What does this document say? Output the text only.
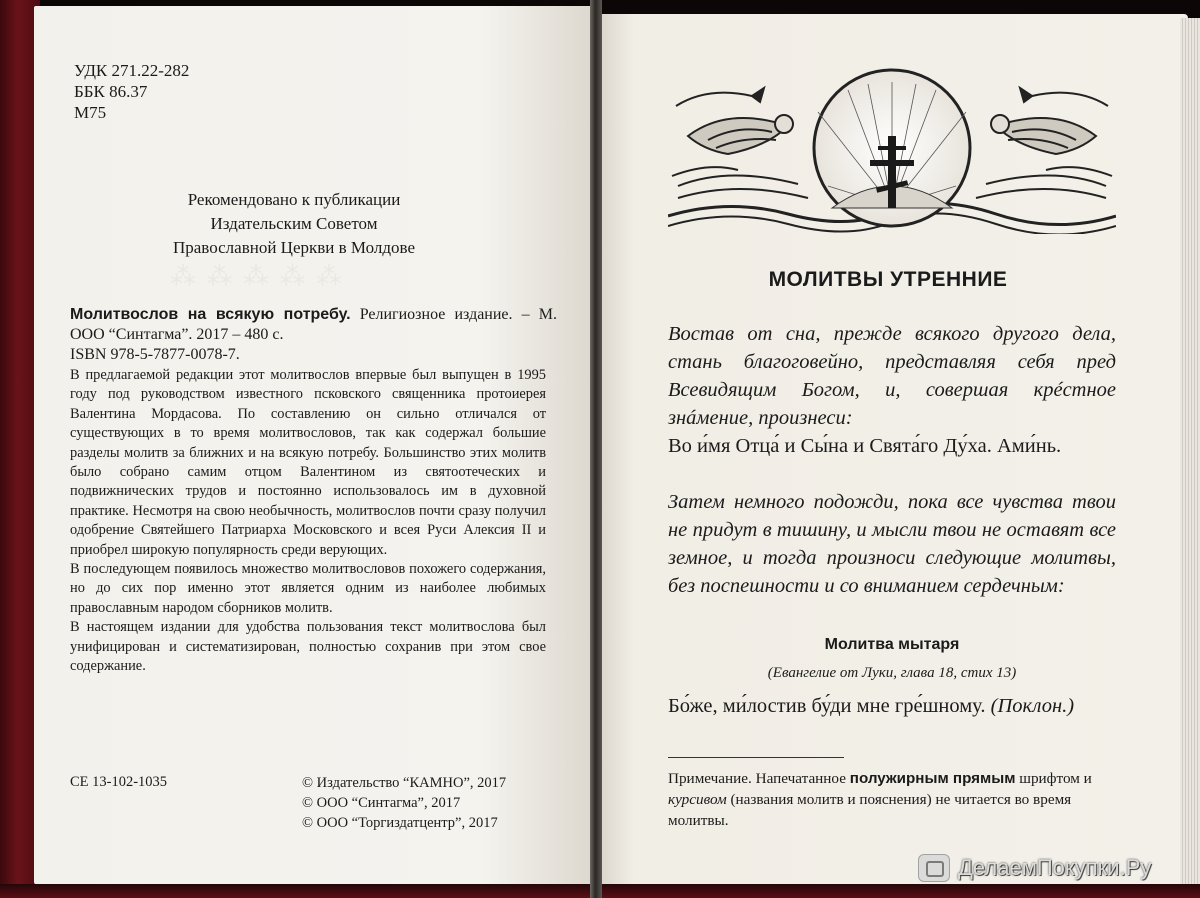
⁂ ⁂ ⁂ ⁂ ⁂
УДК 271.22-282
ББК 86.37
М75
Рекомендовано к публикации
Издательским Советом
Православной Церкви в Молдове
Молитвослов на всякую потребу. Религиозное издание. – М. ООО “Синтагма”. 2017 – 480 с.
ISBN 978-5-7877-0078-7.

В предлагаемой редакции этот молитвослов впервые был выпущен в 1995 году под руководством известного псковского священника протоиерея Валентина Мордасова. По составлению он сильно отличался от существующих в то время молитвословов, так как содержал большие разделы молитв за ближних и на всякую потребу. Большинство этих молитв было собрано самим отцом Валентином из святоотеческих и подвижнических трудов и постоянно использовалось им в духовной практике. Несмотря на свою необычность, молитвослов почти сразу получил одобрение Святейшего Патриарха Московского и всея Руси Алексия II и приобрел широкую популярность среди верующих.

В последующем появилось множество молитвословов похожего содержания, но до сих пор именно этот является одним из наиболее любимых православным народом сборников молитв.

В настоящем издании для удобства пользования текст молитвослова был унифицирован и систематизирован, полностью сохранив при этом свое содержание.

СЕ 13-102-1035	© Издательство “КАМНО”, 2017
© ООО “Синтагма”, 2017
© ООО “Торгиздатцентр”, 2017
МОЛИТВЫ УТРЕННИЕ
Востав от сна, прежде всякого другого дела, стань благоговейно, представляя себя пред Всевидящим Богом, и, совершая крéстное знáмение, произнеси:
Во и́мя Отца́ и Сы́на и Свята́го Ду́ха. Ами́нь.
Затем немного подожди, пока все чувства твои не придут в тишину, и мысли твои не оставят все земное, и тогда произноси следующие молитвы, без поспешности и со вниманием сердечным:
Молитва мытаря
(Евангелие от Луки, глава 18, стих 13)
Бо́же, ми́лостив бу́ди мне гре́шному. (Поклон.)
Примечание. Напечатанное полужирным прямым шрифтом и курсивом (названия молитв и пояснения) не читается во время молитвы.
ДелаемПокупки.Ру
